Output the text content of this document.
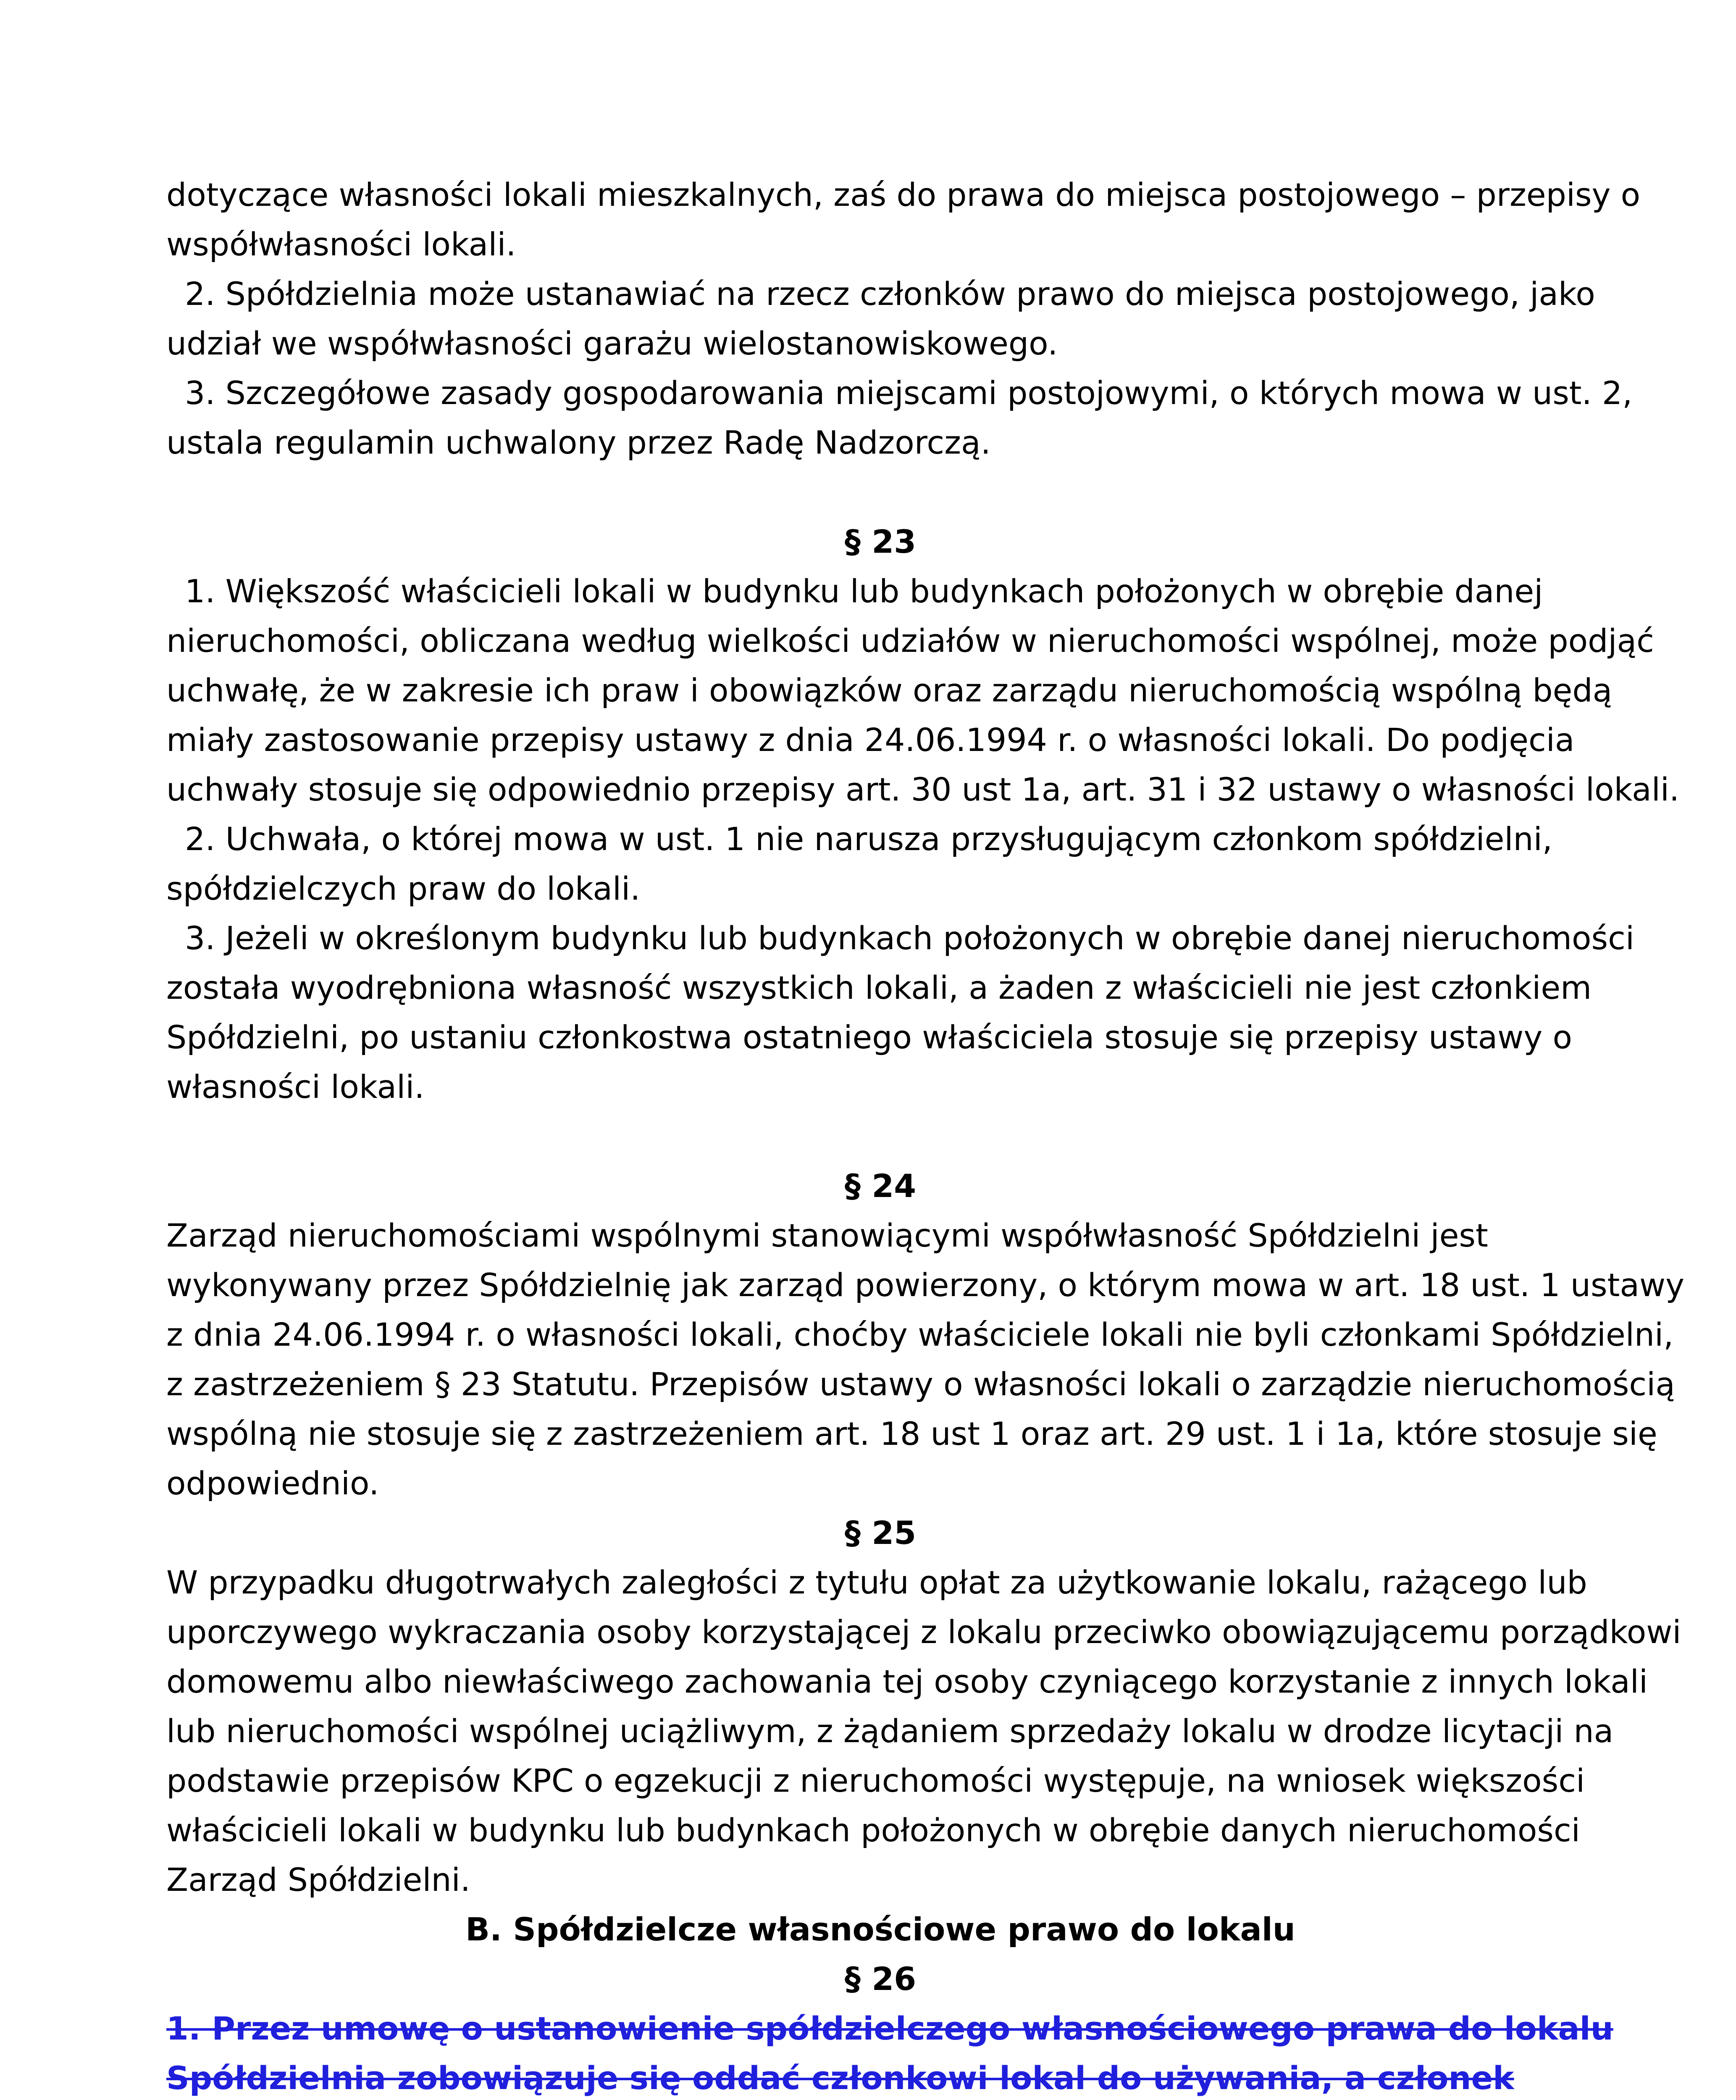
dotyczące własności lokali mieszkalnych, zaś do prawa do miejsca postojowego – przepisy o
współwłasności lokali.
2. Spółdzielnia może ustanawiać na rzecz członków prawo do miejsca postojowego, jako
udział we współwłasności garażu wielostanowiskowego.
3. Szczegółowe zasady gospodarowania miejscami postojowymi, o których mowa w ust. 2,
ustala regulamin uchwalony przez Radę Nadzorczą.
§ 23
1. Większość właścicieli lokali w budynku lub budynkach położonych w obrębie danej
nieruchomości, obliczana według wielkości udziałów w nieruchomości wspólnej, może podjąć
uchwałę, że w zakresie ich praw i obowiązków oraz zarządu nieruchomością wspólną będą
miały zastosowanie przepisy ustawy z dnia 24.06.1994 r. o własności lokali. Do podjęcia
uchwały stosuje się odpowiednio przepisy art. 30 ust 1a, art. 31 i 32 ustawy o własności lokali.
2. Uchwała, o której mowa w ust. 1 nie narusza przysługującym członkom spółdzielni,
spółdzielczych praw do lokali.
3. Jeżeli w określonym budynku lub budynkach położonych w obrębie danej nieruchomości
została wyodrębniona własność wszystkich lokali, a żaden z właścicieli nie jest członkiem
Spółdzielni, po ustaniu członkostwa ostatniego właściciela stosuje się przepisy ustawy o
własności lokali.
§ 24
Zarząd nieruchomościami wspólnymi stanowiącymi współwłasność Spółdzielni jest
wykonywany przez Spółdzielnię jak zarząd powierzony, o którym mowa w art. 18 ust. 1 ustawy
z dnia 24.06.1994 r. o własności lokali, choćby właściciele lokali nie byli członkami Spółdzielni,
z zastrzeżeniem § 23 Statutu. Przepisów ustawy o własności lokali o zarządzie nieruchomością
wspólną nie stosuje się z zastrzeżeniem art. 18 ust 1 oraz art. 29 ust. 1 i 1a, które stosuje się
odpowiednio.
§ 25
W przypadku długotrwałych zaległości z tytułu opłat za użytkowanie lokalu, rażącego lub
uporczywego wykraczania osoby korzystającej z lokalu przeciwko obowiązującemu porządkowi
domowemu albo niewłaściwego zachowania tej osoby czyniącego korzystanie z innych lokali
lub nieruchomości wspólnej uciążliwym, z żądaniem sprzedaży lokalu w drodze licytacji na
podstawie przepisów KPC o egzekucji z nieruchomości występuje, na wniosek większości
właścicieli lokali w budynku lub budynkach położonych w obrębie danych nieruchomości
Zarząd Spółdzielni.
B. Spółdzielcze własnościowe prawo do lokalu
§ 26
1. Przez umowę o ustanowienie spółdzielczego własnościowego prawa do lokalu
Spółdzielnia zobowiązuje się oddać członkowi lokal do używania, a członek
